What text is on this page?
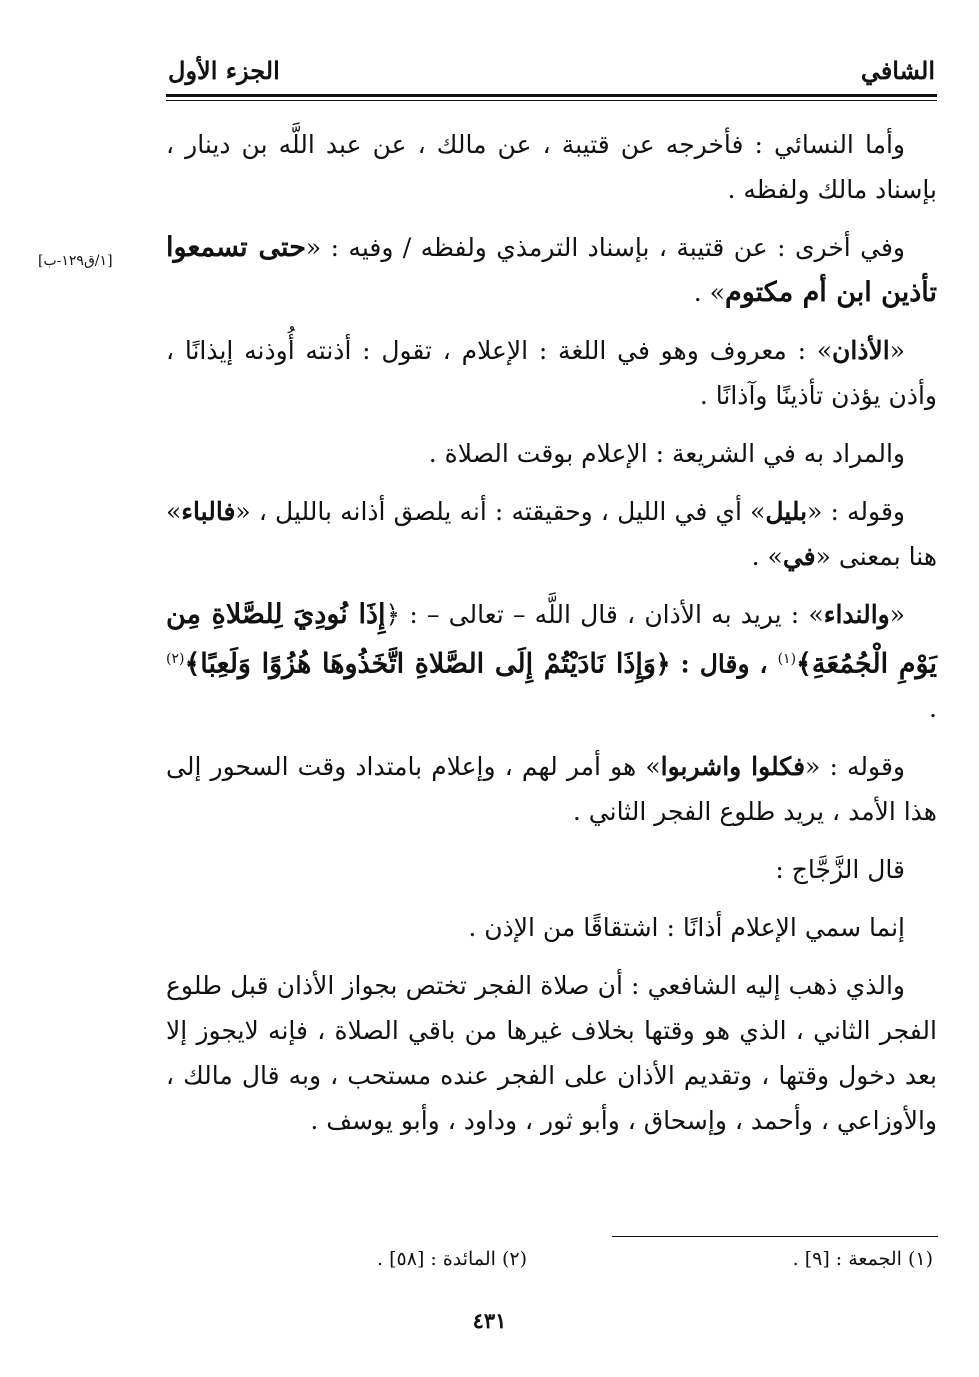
الشافي
الجزء الأول
[١/ق١٢٩-ب]

وأما النسائي : فأخرجه عن قتيبة ، عن مالك ، عن عبد اللَّه بن دينار ، بإسناد مالك ولفظه .

وفي أخرى : عن قتيبة ، بإسناد الترمذي ولفظه / وفيه : «حتى تسمعوا تأذين ابن أم مكتوم» .

«الأذان» : معروف وهو في اللغة : الإعلام ، تقول : أذنته أُوذنه إيذانًا ، وأذن يؤذن تأذينًا وآذانًا .

والمراد به في الشريعة : الإعلام بوقت الصلاة .

وقوله : «بليل» أي في الليل ، وحقيقته : أنه يلصق أذانه بالليل ، «فالباء» هنا بمعنى «في» .

«والنداء» : يريد به الأذان ، قال اللَّه – تعالى – : ﴿إِذَا نُودِيَ لِلصَّلاةِ مِن يَوْمِ الْجُمُعَةِ﴾$^{(١)}$ ، وقال : ﴿وَإِذَا نَادَيْتُمْ إِلَى الصَّلاةِ اتَّخَذُوهَا هُزُوًا وَلَعِبًا﴾$^{(٢)}$ .

وقوله : «فكلوا واشربوا» هو أمر لهم ، وإعلام بامتداد وقت السحور إلى هذا الأمد ، يريد طلوع الفجر الثاني .

قال الزَّجَّاج :

إنما سمي الإعلام أذانًا : اشتقاقًا من الإذن .

والذي ذهب إليه الشافعي : أن صلاة الفجر تختص بجواز الأذان قبل طلوع الفجر الثاني ، الذي هو وقتها بخلاف غيرها من باقي الصلاة ، فإنه لايجوز إلا بعد دخول وقتها ، وتقديم الأذان على الفجر عنده مستحب ، وبه قال مالك ، والأوزاعي ، وأحمد ، وإسحاق ، وأبو ثور ، وداود ، وأبو يوسف .

(١) الجمعة : [٩] .
(٢) المائدة : [٥٨] .
٤٣١
